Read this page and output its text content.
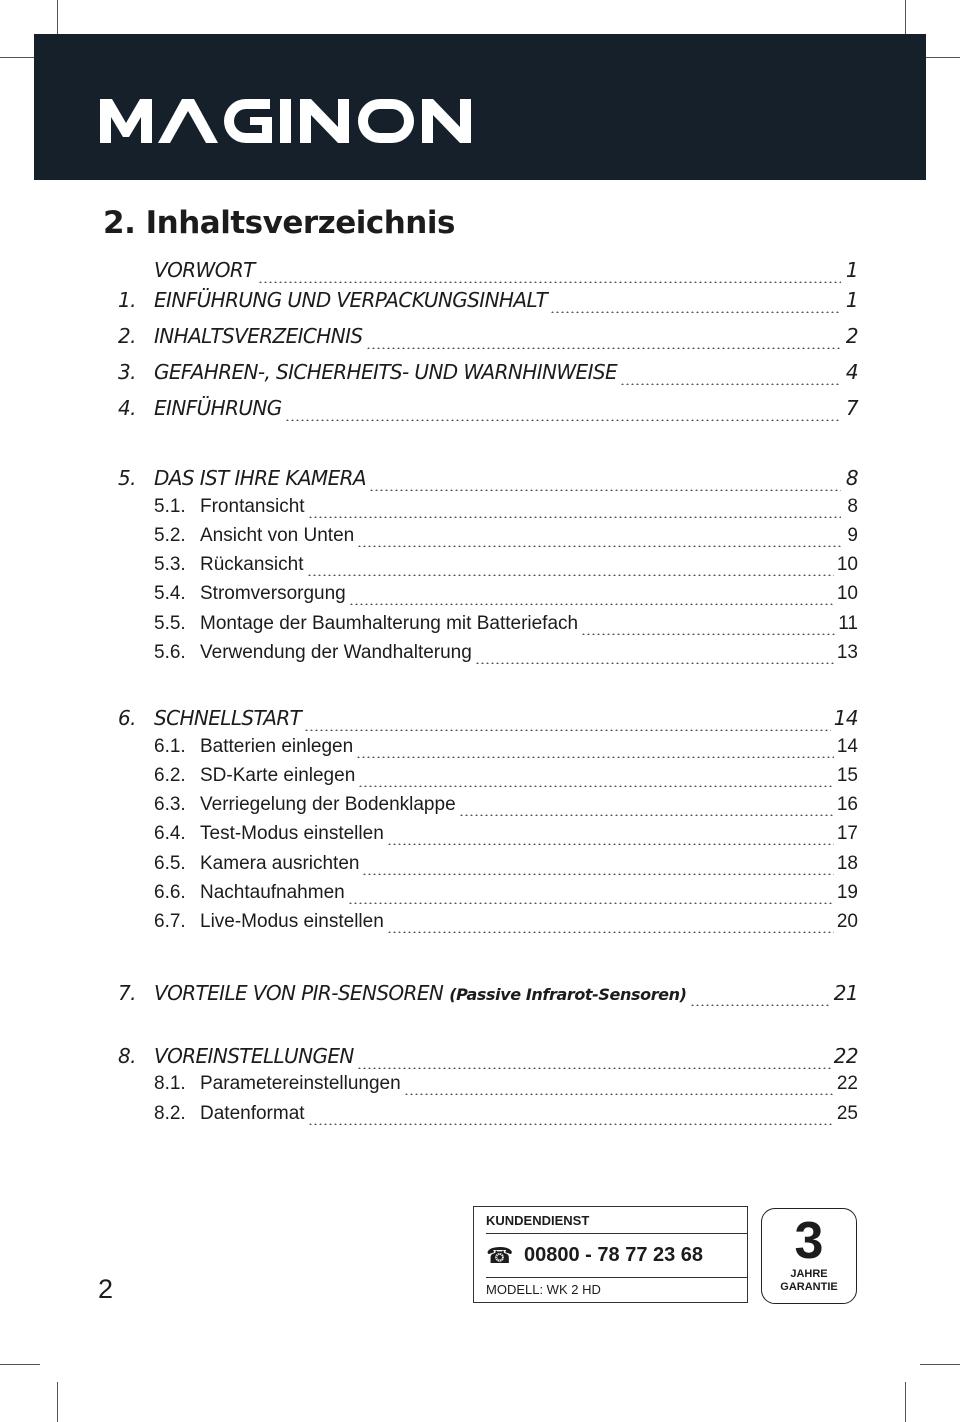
MAGINON
2. Inhaltsverzeichnis
VORWORT	1
1. EINFÜHRUNG UND VERPACKUNGSINHALT	1
2. INHALTSVERZEICHNIS	2
3. GEFAHREN-, SICHERHEITS- UND WARNHINWEISE	4
4. EINFÜHRUNG	7
5. DAS IST IHRE KAMERA	8
5.1. Frontansicht	8
5.2. Ansicht von Unten	9
5.3. Rückansicht	10
5.4. Stromversorgung	10
5.5. Montage der Baumhalterung mit Batteriefach	11
5.6. Verwendung der Wandhalterung	13
6. SCHNELLSTART	14
6.1. Batterien einlegen	14
6.2. SD-Karte einlegen	15
6.3. Verriegelung der Bodenklappe	16
6.4. Test-Modus einstellen	17
6.5. Kamera ausrichten	18
6.6. Nachtaufnahmen	19
6.7. Live-Modus einstellen	20
7. VORTEILE VON PIR-SENSOREN (Passive Infrarot-Sensoren)	21
8. VOREINSTELLUNGEN	22
8.1. Parametereinstellungen	22
8.2. Datenformat	25
2
KUNDENDIENST
☎ 00800 - 78 77 23 68
MODELL: WK 2 HD
3
JAHRE
GARANTIE
